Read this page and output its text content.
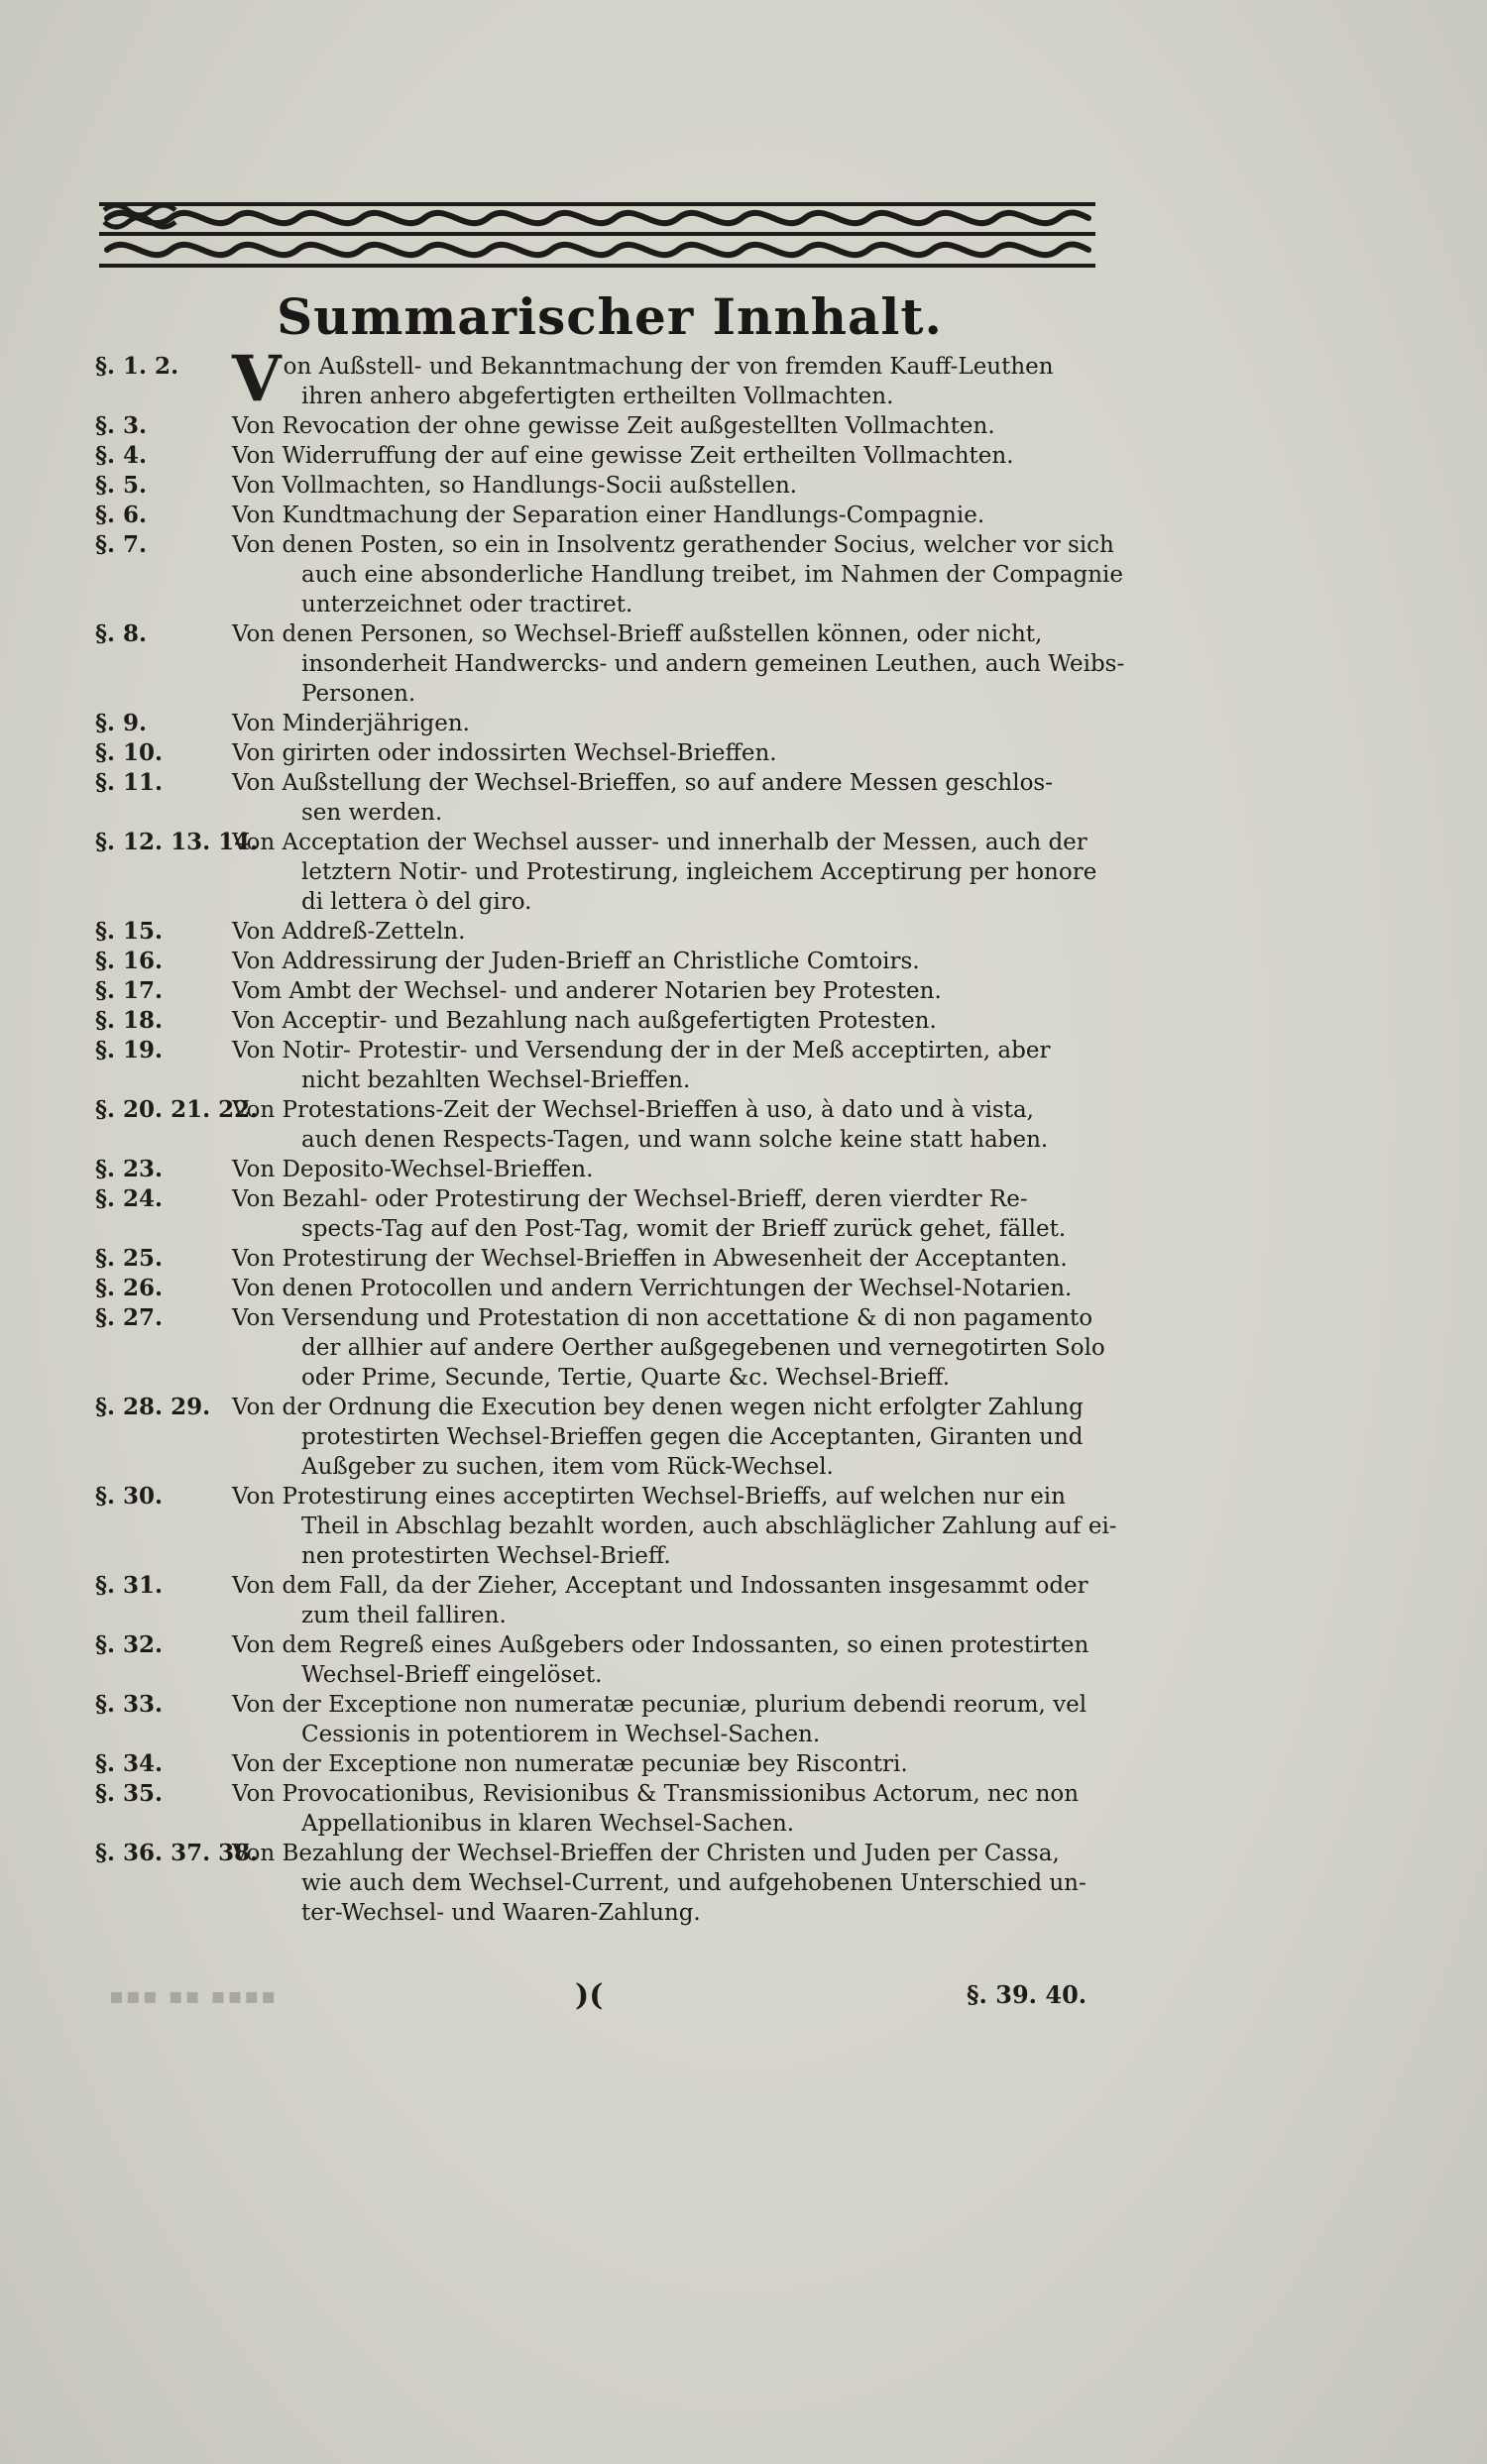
Summarischer Innhalt.
§. 1. 2. Von Außstell- und Bekanntmachung der von fremden Kauff-Leuthen
ihren anhero abgefertigten ertheilten Vollmachten.
§. 3.	Von Revocation der ohne gewisse Zeit außgestellten Vollmachten.
§. 4.	Von Widerruffung der auf eine gewisse Zeit ertheilten Vollmachten.
§. 5.	Von Vollmachten, so Handlungs-Socii außstellen.
§. 6.	Von Kundtmachung der Separation einer Handlungs-Compagnie.
§. 7.	Von denen Posten, so ein in Insolventz gerathender Socius, welcher vor sich
auch eine absonderliche Handlung treibet, im Nahmen der Compagnie
unterzeichnet oder tractiret.
§. 8.	Von denen Personen, so Wechsel-Brieff außstellen können, oder nicht,
insonderheit Handwercks- und andern gemeinen Leuthen, auch Weibs-
Personen.
§. 9.	Von Minderjährigen.
§. 10.	Von girirten oder indossirten Wechsel-Brieffen.
§. 11.	Von Außstellung der Wechsel-Brieffen, so auf andere Messen geschlos-
sen werden.
§. 12. 13. 14.
Von Acceptation der Wechsel ausser- und innerhalb der Messen, auch der
letztern Notir- und Protestirung, ingleichem Acceptirung per honore
di lettera ò del giro.
§. 15.	Von Addreß-Zetteln.
§. 16.	Von Addressirung der Juden-Brieff an Christliche Comtoirs.
§. 17.	Vom Ambt der Wechsel- und anderer Notarien bey Protesten.
§. 18.	Von Acceptir- und Bezahlung nach außgefertigten Protesten.
§. 19.	Von Notir- Protestir- und Versendung der in der Meß acceptirten, aber
nicht bezahlten Wechsel-Brieffen.
§. 20. 21. 22.
Von Protestations-Zeit der Wechsel-Brieffen à uso, à dato und à vista,
auch denen Respects-Tagen, und wann solche keine statt haben.
§. 23.	Von Deposito-Wechsel-Brieffen.
§. 24.	Von Bezahl- oder Protestirung der Wechsel-Brieff, deren vierdter Re-
spects-Tag auf den Post-Tag, womit der Brieff zurück gehet, fället.
§. 25.	Von Protestirung der Wechsel-Brieffen in Abwesenheit der Acceptanten.
§. 26.	Von denen Protocollen und andern Verrichtungen der Wechsel-Notarien.
§. 27.	Von Versendung und Protestation di non accettatione & di non pagamento
der allhier auf andere Oerther außgegebenen und vernegotirten Solo
oder Prime, Secunde, Tertie, Quarte &c. Wechsel-Brieff.
§. 28. 29. Von der Ordnung die Execution bey denen wegen nicht erfolgter Zahlung
protestirten Wechsel-Brieffen gegen die Acceptanten, Giranten und
Außgeber zu suchen, item vom Rück-Wechsel.
§. 30.	Von Protestirung eines acceptirten Wechsel-Brieffs, auf welchen nur ein
Theil in Abschlag bezahlt worden, auch abschläglicher Zahlung auf ei-
nen protestirten Wechsel-Brieff.
§. 31.	Von dem Fall, da der Zieher, Acceptant und Indossanten insgesammt oder
zum theil falliren.
§. 32.	Von dem Regreß eines Außgebers oder Indossanten, so einen protestirten
Wechsel-Brieff eingelöset.
§. 33.	Von der Exceptione non numeratæ pecuniæ, plurium debendi reorum, vel
Cessionis in potentiorem in Wechsel-Sachen.
§. 34.	Von der Exceptione non numeratæ pecuniæ bey Riscontri.
§. 35.	Von Provocationibus, Revisionibus & Transmissionibus Actorum, nec non
Appellationibus in klaren Wechsel-Sachen.
§. 36. 37. 38.
Von Bezahlung der Wechsel-Brieffen der Christen und Juden per Cassa,
wie auch dem Wechsel-Current, und aufgehobenen Unterschied un-
ter-Wechsel- und Waaren-Zahlung.
▪▪▪ ▪▪ ▪▪▪▪	)(	§. 39. 40.
